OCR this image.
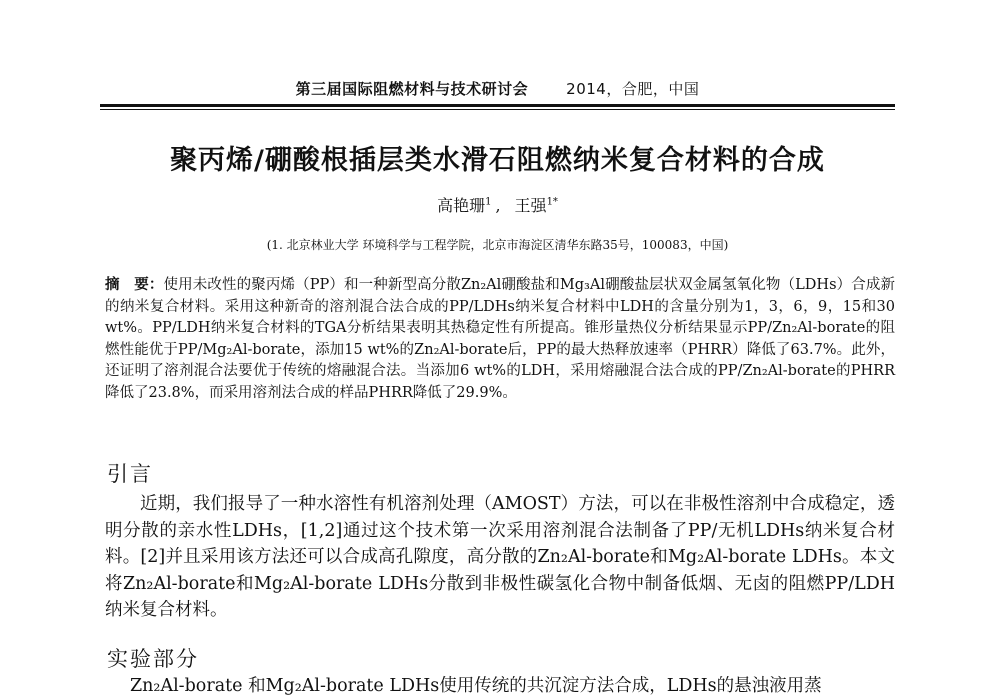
第三届国际阻燃材料与技术研讨会	2014，合肥，中国
聚丙烯/硼酸根插层类水滑石阻燃纳米复合材料的合成
高艳珊$^1$ , 王强$^{1*}$
(1. 北京林业大学 环境科学与工程学院，北京市海淀区清华东路35号，100083，中国)

摘　要：使用未改性的聚丙烯（PP）和一种新型高分散Zn₂Al硼酸盐和Mg₃Al硼酸盐层状双金属氢氧化物（LDHs）合成新的纳米复合材料。采用这种新奇的溶剂混合法合成的PP/LDHs纳米复合材料中LDH的含量分别为1，3，6，9，15和30 wt%。PP/LDH纳米复合材料的TGA分析结果表明其热稳定性有所提高。锥形量热仪分析结果显示PP/Zn₂Al-borate的阻燃性能优于PP/Mg₂Al-borate，添加15 wt%的Zn₂Al-borate后，PP的最大热释放速率（PHRR）降低了63.7%。此外，还证明了溶剂混合法要优于传统的熔融混合法。当添加6 wt%的LDH，采用熔融混合法合成的PP/Zn₂Al-borate的PHRR降低了23.8%，而采用溶剂法合成的样品PHRR降低了29.9%。

引言

近期，我们报导了一种水溶性有机溶剂处理（AMOST）方法，可以在非极性溶剂中合成稳定，透明分散的亲水性LDHs，[1,2]通过这个技术第一次采用溶剂混合法制备了PP/无机LDHs纳米复合材料。[2]并且采用该方法还可以合成高孔隙度，高分散的Zn₂Al-borate和Mg₂Al-borate LDHs。本文将Zn₂Al-borate和Mg₂Al-borate LDHs分散到非极性碳氢化合物中制备低烟、无卤的阻燃PP/LDH纳米复合材料。

实验部分

Zn₂Al-borate 和Mg₂Al-borate LDHs使用传统的共沉淀方法合成，LDHs的悬浊液用蒸
